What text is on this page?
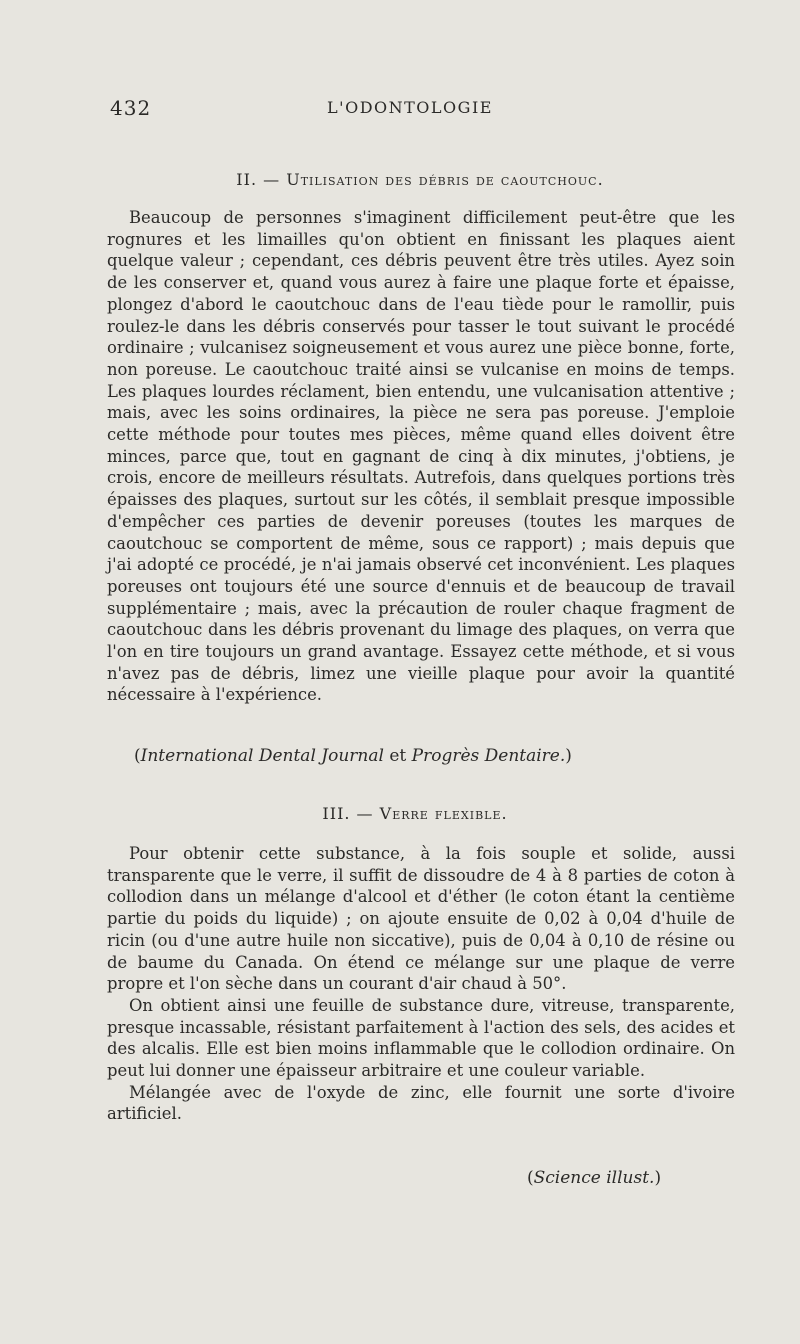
432	L'ODONTOLOGIE
II. — Utilisation des débris de caoutchouc.

Beaucoup de personnes s'imaginent difficilement peut-être que les rognures et les limailles qu'on obtient en finissant les plaques aient quelque valeur ; cependant, ces débris peuvent être très utiles. Ayez soin de les conserver et, quand vous aurez à faire une plaque forte et épaisse, plongez d'abord le caoutchouc dans de l'eau tiède pour le ramollir, puis roulez-le dans les débris conservés pour tasser le tout suivant le procédé ordinaire ; vulcanisez soigneusement et vous aurez une pièce bonne, forte, non poreuse. Le caoutchouc traité ainsi se vulcanise en moins de temps. Les plaques lourdes réclament, bien entendu, une vulcanisation attentive ; mais, avec les soins ordinaires, la pièce ne sera pas poreuse. J'emploie cette méthode pour toutes mes pièces, même quand elles doivent être minces, parce que, tout en gagnant de cinq à dix minutes, j'obtiens, je crois, encore de meilleurs résultats. Autrefois, dans quelques portions très épaisses des plaques, surtout sur les côtés, il semblait presque impossible d'empêcher ces parties de devenir poreuses (toutes les marques de caoutchouc se comportent de même, sous ce rapport) ; mais depuis que j'ai adopté ce procédé, je n'ai jamais observé cet inconvénient. Les plaques poreuses ont toujours été une source d'ennuis et de beaucoup de travail supplémentaire ; mais, avec la précaution de rouler chaque fragment de caoutchouc dans les débris provenant du limage des plaques, on verra que l'on en tire toujours un grand avantage. Essayez cette méthode, et si vous n'avez pas de débris, limez une vieille plaque pour avoir la quantité nécessaire à l'expérience.

(International Dental Journal et Progrès Dentaire.)
III. — Verre flexible.

Pour obtenir cette substance, à la fois souple et solide, aussi transparente que le verre, il suffit de dissoudre de 4 à 8 parties de coton à collodion dans un mélange d'alcool et d'éther (le coton étant la centième partie du poids du liquide) ; on ajoute ensuite de 0,02 à 0,04 d'huile de ricin (ou d'une autre huile non siccative), puis de 0,04 à 0,10 de résine ou de baume du Canada. On étend ce mélange sur une plaque de verre propre et l'on sèche dans un courant d'air chaud à 50°.

On obtient ainsi une feuille de substance dure, vitreuse, transparente, presque incassable, résistant parfaitement à l'action des sels, des acides et des alcalis. Elle est bien moins inflammable que le collodion ordinaire. On peut lui donner une épaisseur arbitraire et une couleur variable.

Mélangée avec de l'oxyde de zinc, elle fournit une sorte d'ivoire artificiel.

(Science illust.)
